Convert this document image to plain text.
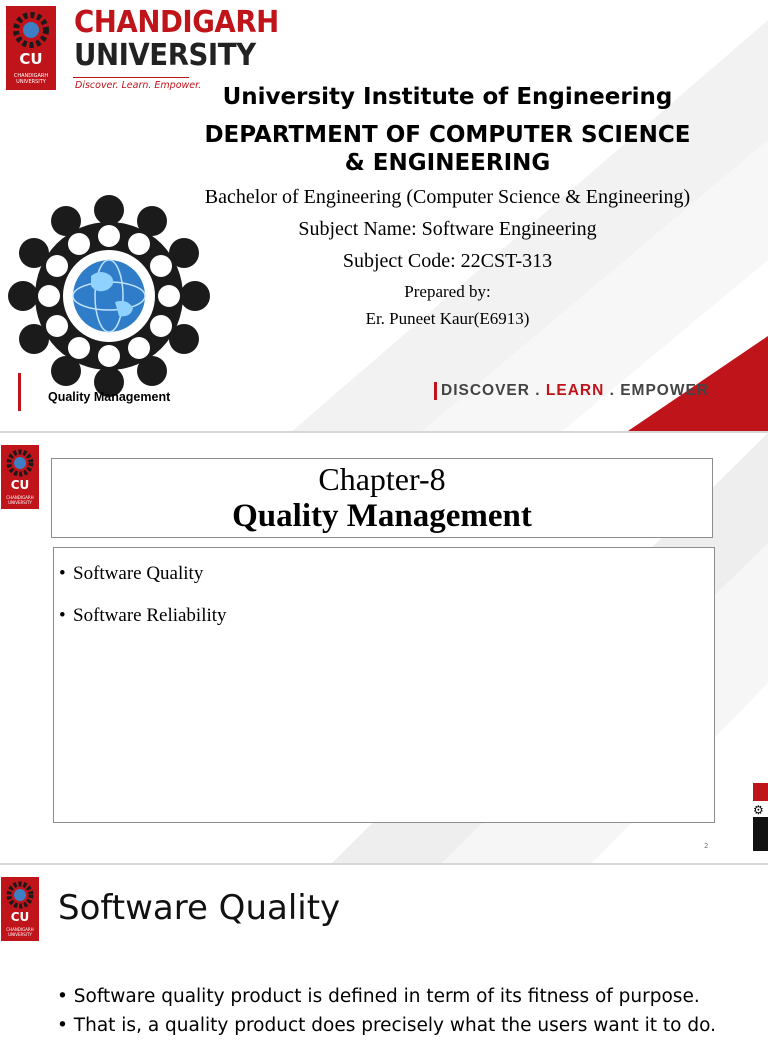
CU
CHANDIGARH
UNIVERSITY
CHANDIGARH
UNIVERSITY
Discover. Learn. Empower. University Institute of Engineering
DEPARTMENT OF COMPUTER SCIENCE
& ENGINEERING
Bachelor of Engineering (Computer Science & Engineering)
Subject Name: Software Engineering
Subject Code: 22CST-313
Prepared by:
Er. Puneet Kaur(E6913)
Quality Management	DISCOVER . LEARN . EMPOWER
CU
CHANDIGARH
UNIVERSITY
Chapter-8
Quality Management
• Software Quality
• Software Reliability
2
⚙
CU
CHANDIGARH
UNIVERSITY
Software Quality
• Software quality product is defined in term of its fitness of purpose.
• That is, a quality product does precisely what the users want it to do.
